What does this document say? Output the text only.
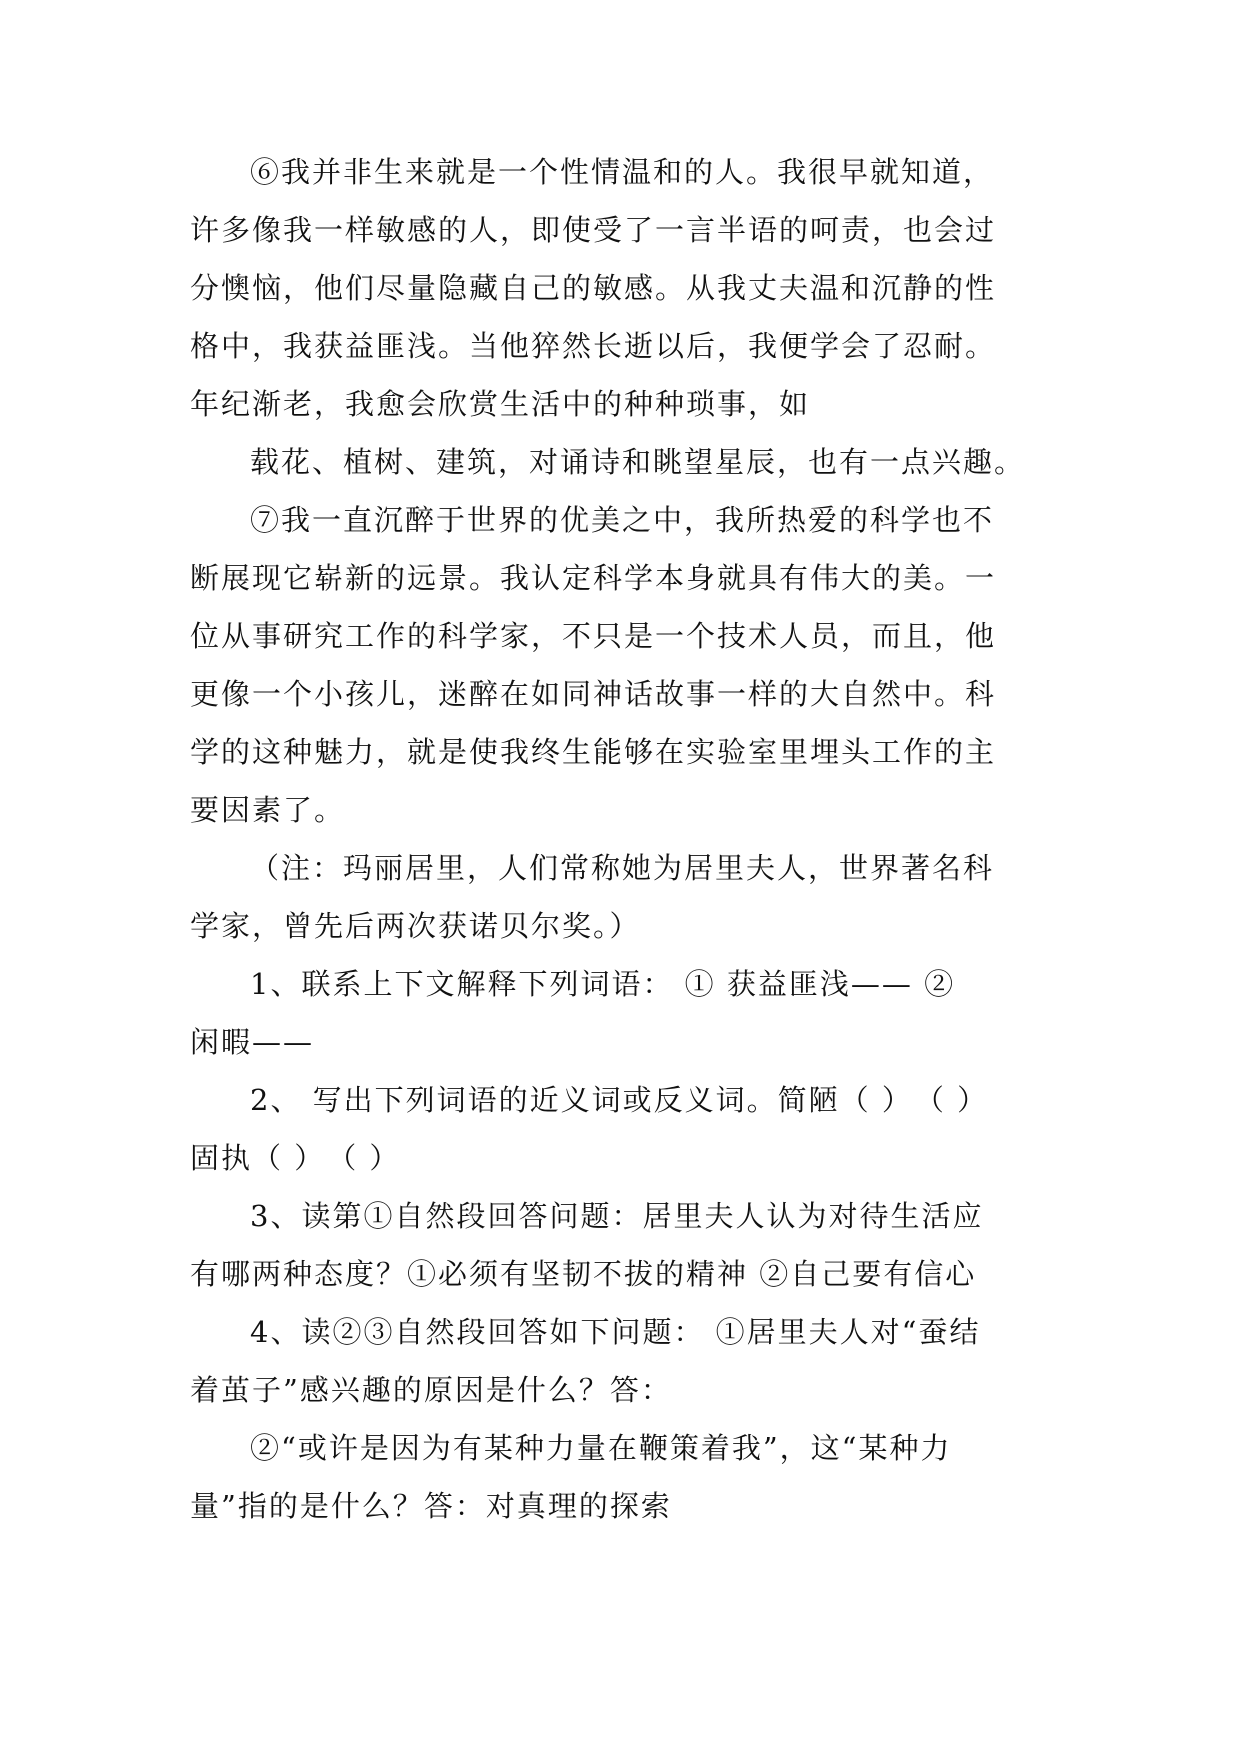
⑥我并非生来就是一个性情温和的人。我很早就知道，
许多像我一样敏感的人，即使受了一言半语的呵责，也会过
分懊恼，他们尽量隐藏自己的敏感。从我丈夫温和沉静的性
格中，我获益匪浅。当他猝然长逝以后，我便学会了忍耐。
年纪渐老，我愈会欣赏生活中的种种琐事，如
载花、植树、建筑，对诵诗和眺望星辰，也有一点兴趣。
⑦我一直沉醉于世界的优美之中，我所热爱的科学也不
断展现它崭新的远景。我认定科学本身就具有伟大的美。一
位从事研究工作的科学家，不只是一个技术人员，而且，他
更像一个小孩儿，迷醉在如同神话故事一样的大自然中。科
学的这种魅力，就是使我终生能够在实验室里埋头工作的主
要因素了。
（注：玛丽居里，人们常称她为居里夫人，世界著名科
学家，曾先后两次获诺贝尔奖。）
1、联系上下文解释下列词语： ① 获益匪浅—— ②
闲暇——
2、 写出下列词语的近义词或反义词。简陋（ ）　（ ）
固执（ ）　（ ）
3、读第①自然段回答问题：居里夫人认为对待生活应
有哪两种态度？①必须有坚韧不拔的精神 ②自己要有信心
4、读②③自然段回答如下问题： ①居里夫人对“蚕结
着茧子”感兴趣的原因是什么？答：
②“或许是因为有某种力量在鞭策着我”，这“某种力
量”指的是什么？答：对真理的探索
